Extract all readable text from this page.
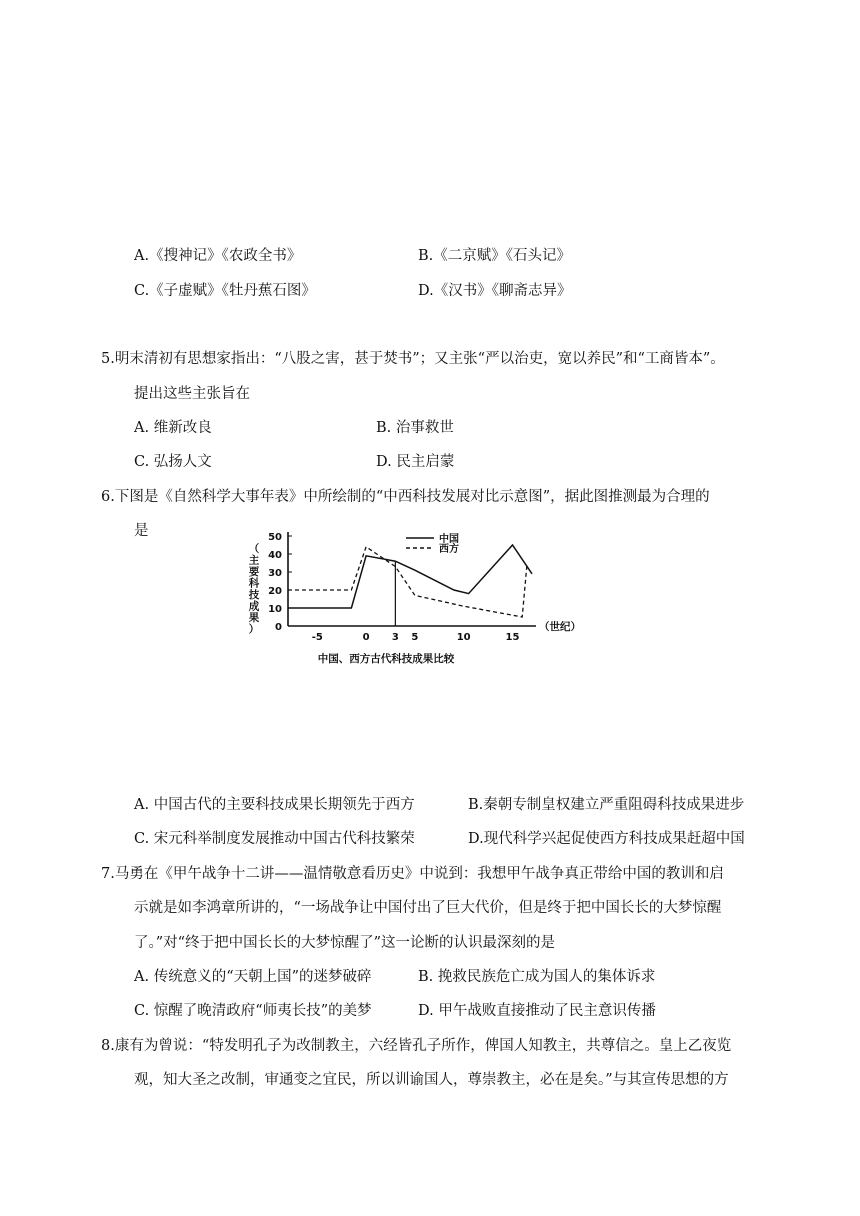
A.《搜神记》《农政全书》	B.《二京赋》《石头记》
C.《子虚赋》《牡丹蕉石图》	D.《汉书》《聊斋志异》
5.明末清初有思想家指出：“八股之害，甚于焚书”；又主张“严以治吏，宽以养民”和“工商皆本”。
提出这些主张旨在
A. 维新改良	B. 治事救世
C. 弘扬人文	D. 民主启蒙
6.下图是《自然科学大事年表》中所绘制的“中西科技发展对比示意图”，据此图推测最为合理的
是
0
10
20
30
40
50
-5	0 3 5	10	15
（主要科技成果）	（世纪）
中国、西方古代科技成果比较
中国
西方
A. 中国古代的主要科技成果长期领先于西方	B.秦朝专制皇权建立严重阻碍科技成果进步
C. 宋元科举制度发展推动中国古代科技繁荣	D.现代科学兴起促使西方科技成果赶超中国
7.马勇在《甲午战争十二讲——温情敬意看历史》中说到：我想甲午战争真正带给中国的教训和启
示就是如李鸿章所讲的，“一场战争让中国付出了巨大代价，但是终于把中国长长的大梦惊醒
了。”对“终于把中国长长的大梦惊醒了”这一论断的认识最深刻的是
A. 传统意义的“天朝上国”的迷梦破碎	B. 挽救民族危亡成为国人的集体诉求
C. 惊醒了晚清政府“师夷长技”的美梦	D. 甲午战败直接推动了民主意识传播
8.康有为曾说：“特发明孔子为改制教主，六经皆孔子所作，俾国人知教主，共尊信之。皇上乙夜览
观，知大圣之改制，审通变之宜民，所以训谕国人，尊崇教主，必在是矣。”与其宣传思想的方
